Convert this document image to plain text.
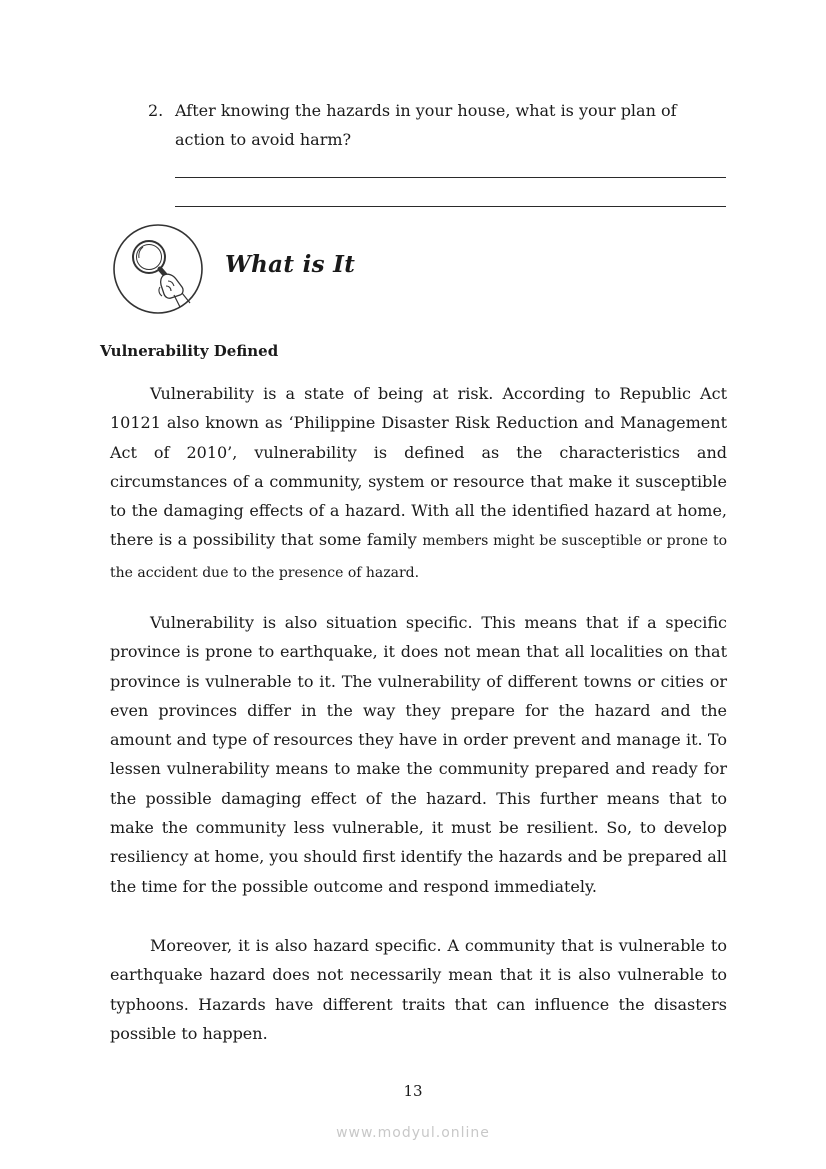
2. After knowing the hazards in your house, what is your plan of action to avoid harm?
What is It
Vulnerability Defined

Vulnerability is a state of being at risk. According to Republic Act 10121 also known as ‘Philippine Disaster Risk Reduction and Management Act of 2010’, vulnerability is defined as the characteristics and circumstances of a community, system or resource that make it susceptible to the damaging effects of a hazard. With all the identified hazard at home, there is a possibility that some family members might be susceptible or prone to the accident due to the presence of hazard.

Vulnerability is also situation specific. This means that if a specific province is prone to earthquake, it does not mean that all localities on that province is vulnerable to it. The vulnerability of different towns or cities or even provinces differ in the way they prepare for the hazard and the amount and type of resources they have in order prevent and manage it. To lessen vulnerability means to make the community prepared and ready for the possible damaging effect of the hazard. This further means that to make the community less vulnerable, it must be resilient. So, to develop resiliency at home, you should first identify the hazards and be prepared all the time for the possible outcome and respond immediately.

Moreover, it is also hazard specific. A community that is vulnerable to earthquake hazard does not necessarily mean that it is also vulnerable to typhoons. Hazards have different traits that can influence the disasters possible to happen.

13
www.modyul.online
